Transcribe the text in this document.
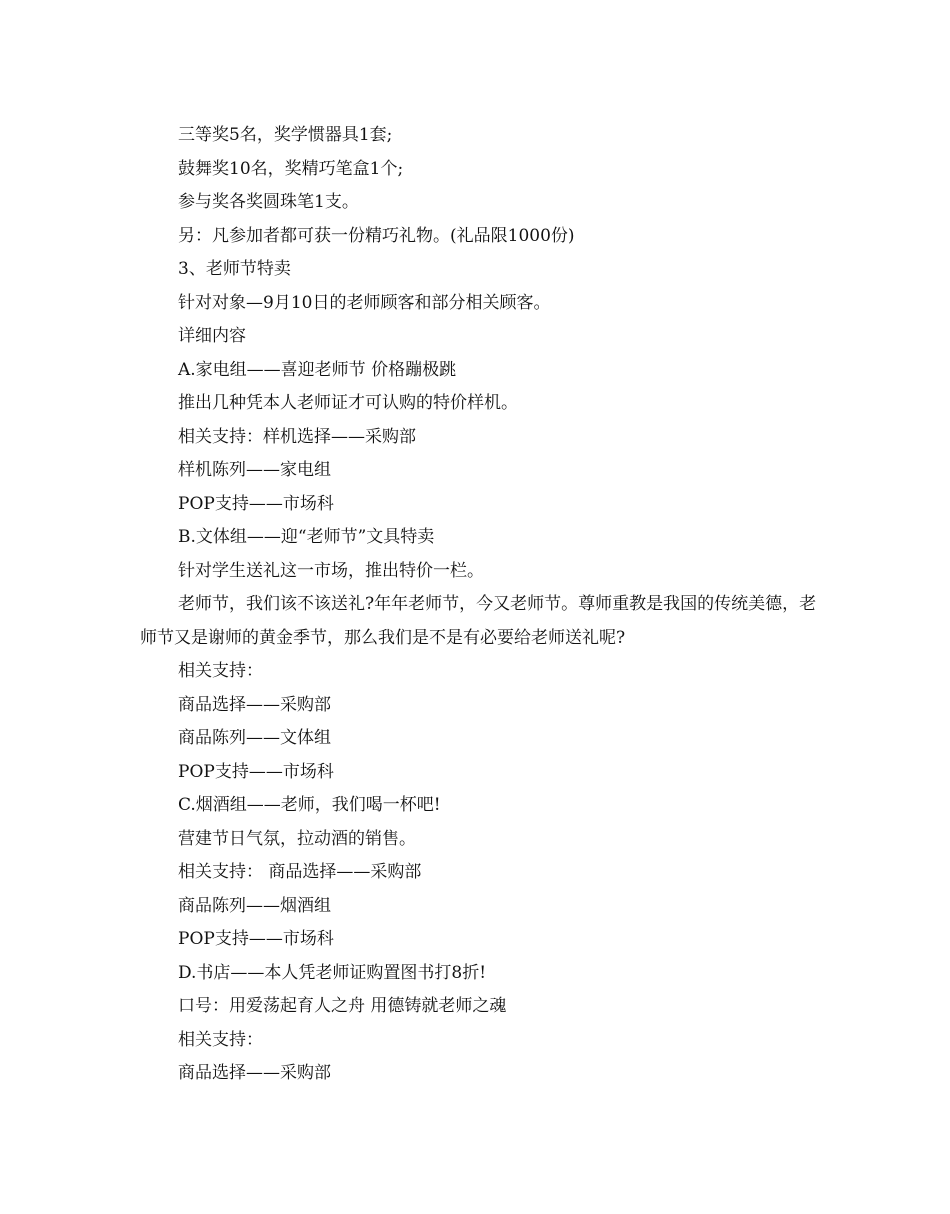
三等奖5名，奖学惯器具1套;
鼓舞奖10名，奖精巧笔盒1个;
参与奖各奖圆珠笔1支。
另：凡参加者都可获一份精巧礼物。(礼品限1000份)
3、老师节特卖
针对对象—9月10日的老师顾客和部分相关顾客。
详细内容
A.家电组——喜迎老师节 价格蹦极跳
推出几种凭本人老师证才可认购的特价样机。
相关支持：样机选择——采购部
样机陈列——家电组
POP支持——市场科
B.文体组——迎“老师节”文具特卖
针对学生送礼这一市场，推出特价一栏。
老师节，我们该不该送礼?年年老师节，今又老师节。尊师重教是我国的传统美德，老师节又是谢师的黄金季节，那么我们是不是有必要给老师送礼呢?
相关支持：
商品选择——采购部
商品陈列——文体组
POP支持——市场科
C.烟酒组——老师，我们喝一杯吧!
营建节日气氛，拉动酒的销售。
相关支持： 商品选择——采购部
商品陈列——烟酒组
POP支持——市场科
D.书店——本人凭老师证购置图书打8折!
口号：用爱荡起育人之舟 用德铸就老师之魂
相关支持：
商品选择——采购部
